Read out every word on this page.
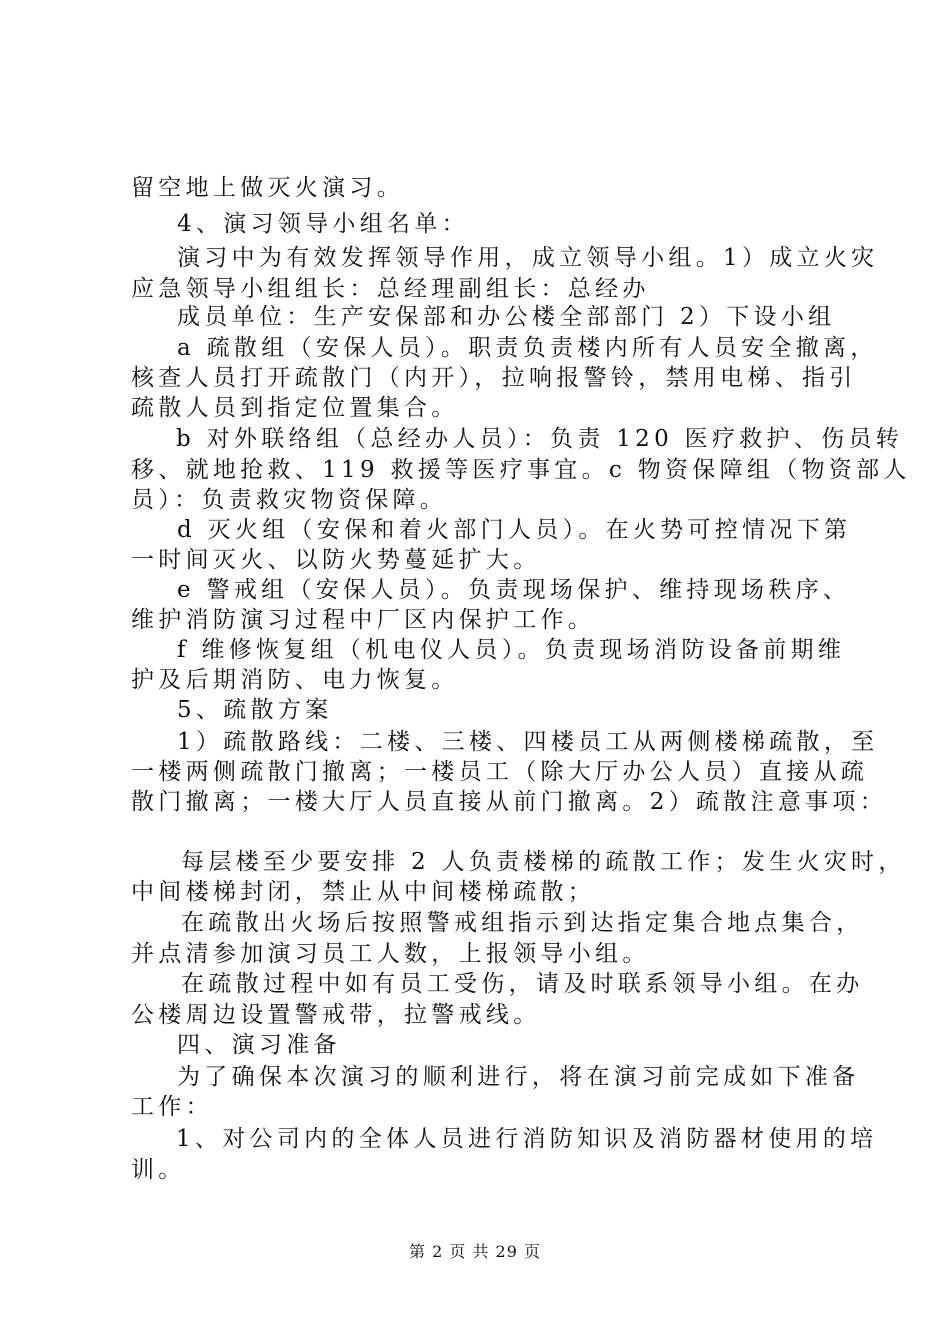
留空地上做灭火演习。
4、演习领导小组名单：
演习中为有效发挥领导作用，成立领导小组。1）成立火灾
应急领导小组组长：总经理副组长：总经办
成员单位：生产安保部和办公楼全部部门 2）下设小组
a 疏散组（安保人员）。职责负责楼内所有人员安全撤离，
核查人员打开疏散门（内开），拉响报警铃，禁用电梯、指引
疏散人员到指定位置集合。
b 对外联络组（总经办人员）：负责 120 医疗救护、伤员转
移、就地抢救、119 救援等医疗事宜。c 物资保障组（物资部人
员）：负责救灾物资保障。
d 灭火组（安保和着火部门人员）。在火势可控情况下第
一时间灭火、以防火势蔓延扩大。
e 警戒组（安保人员）。负责现场保护、维持现场秩序、
维护消防演习过程中厂区内保护工作。
f 维修恢复组（机电仪人员）。负责现场消防设备前期维
护及后期消防、电力恢复。
5、疏散方案
1）疏散路线：二楼、三楼、四楼员工从两侧楼梯疏散，至
一楼两侧疏散门撤离；一楼员工（除大厅办公人员）直接从疏
散门撤离；一楼大厅人员直接从前门撤离。2）疏散注意事项：
每层楼至少要安排 2 人负责楼梯的疏散工作；发生火灾时，
中间楼梯封闭，禁止从中间楼梯疏散；
在疏散出火场后按照警戒组指示到达指定集合地点集合，
并点清参加演习员工人数，上报领导小组。
在疏散过程中如有员工受伤，请及时联系领导小组。在办
公楼周边设置警戒带，拉警戒线。
四、演习准备
为了确保本次演习的顺利进行，将在演习前完成如下准备
工作：
1、对公司内的全体人员进行消防知识及消防器材使用的培
训。
第 2 页 共 29 页
